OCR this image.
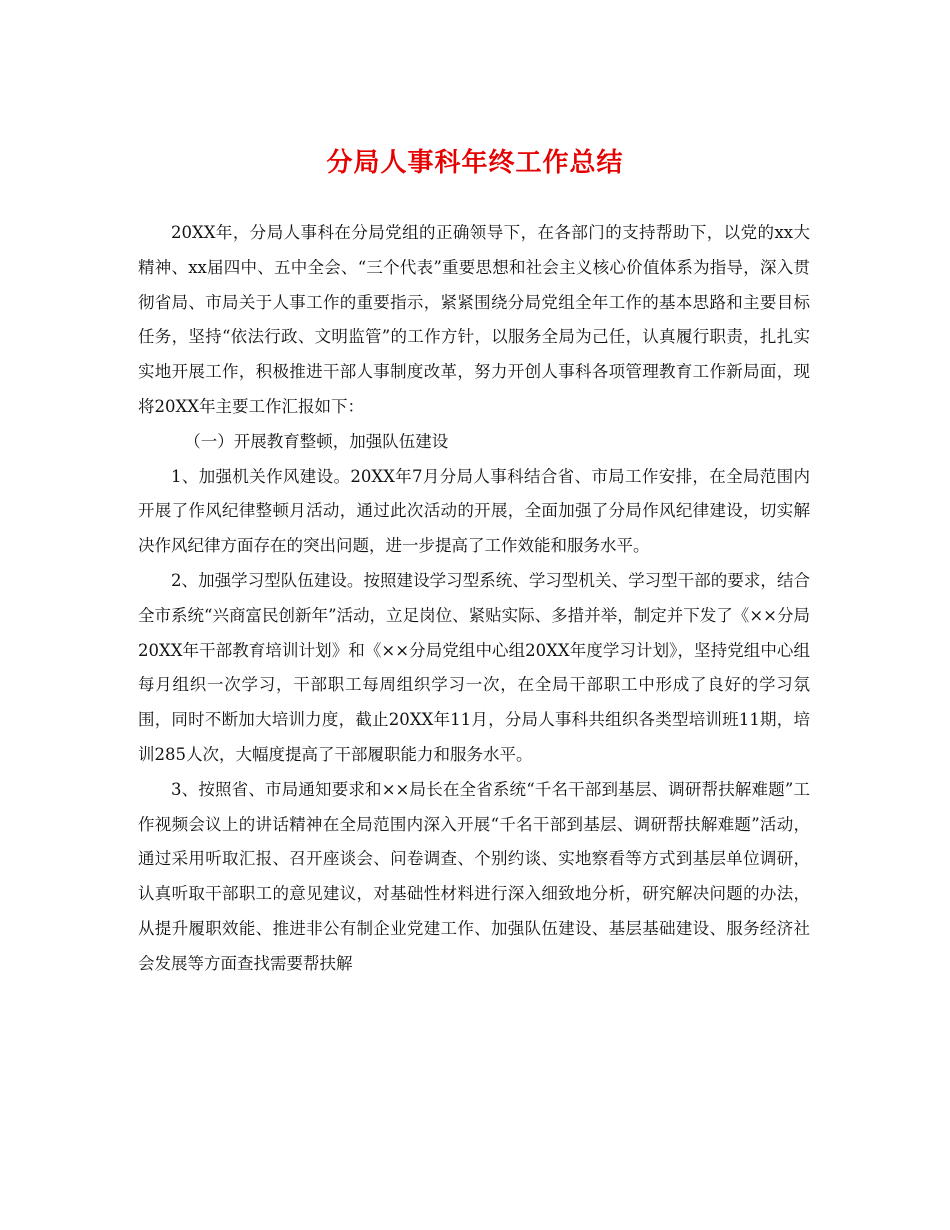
分局人事科年终工作总结

20XX年，分局人事科在分局党组的正确领导下，在各部门的支持帮助下，以党的xx大精神、xx届四中、五中全会、“三个代表”重要思想和社会主义核心价值体系为指导，深入贯彻省局、市局关于人事工作的重要指示，紧紧围绕分局党组全年工作的基本思路和主要目标任务，坚持“依法行政、文明监管”的工作方针，以服务全局为己任，认真履行职责，扎扎实实地开展工作，积极推进干部人事制度改革，努力开创人事科各项管理教育工作新局面，现将20XX年主要工作汇报如下：

（一）开展教育整顿，加强队伍建设

1、加强机关作风建设。20XX年7月分局人事科结合省、市局工作安排，在全局范围内开展了作风纪律整顿月活动，通过此次活动的开展，全面加强了分局作风纪律建设，切实解决作风纪律方面存在的突出问题，进一步提高了工作效能和服务水平。

2、加强学习型队伍建设。按照建设学习型系统、学习型机关、学习型干部的要求，结合全市系统“兴商富民创新年”活动，立足岗位、紧贴实际、多措并举，制定并下发了《××分局20XX年干部教育培训计划》和《××分局党组中心组20XX年度学习计划》，坚持党组中心组每月组织一次学习，干部职工每周组织学习一次，在全局干部职工中形成了良好的学习氛围，同时不断加大培训力度，截止20XX年11月，分局人事科共组织各类型培训班11期，培训285人次，大幅度提高了干部履职能力和服务水平。

3、按照省、市局通知要求和××局长在全省系统“千名干部到基层、调研帮扶解难题”工作视频会议上的讲话精神在全局范围内深入开展“千名干部到基层、调研帮扶解难题”活动，通过采用听取汇报、召开座谈会、问卷调查、个别约谈、实地察看等方式到基层单位调研，认真听取干部职工的意见建议，对基础性材料进行深入细致地分析，研究解决问题的办法，从提升履职效能、推进非公有制企业党建工作、加强队伍建设、基层基础建设、服务经济社会发展等方面查找需要帮扶解
